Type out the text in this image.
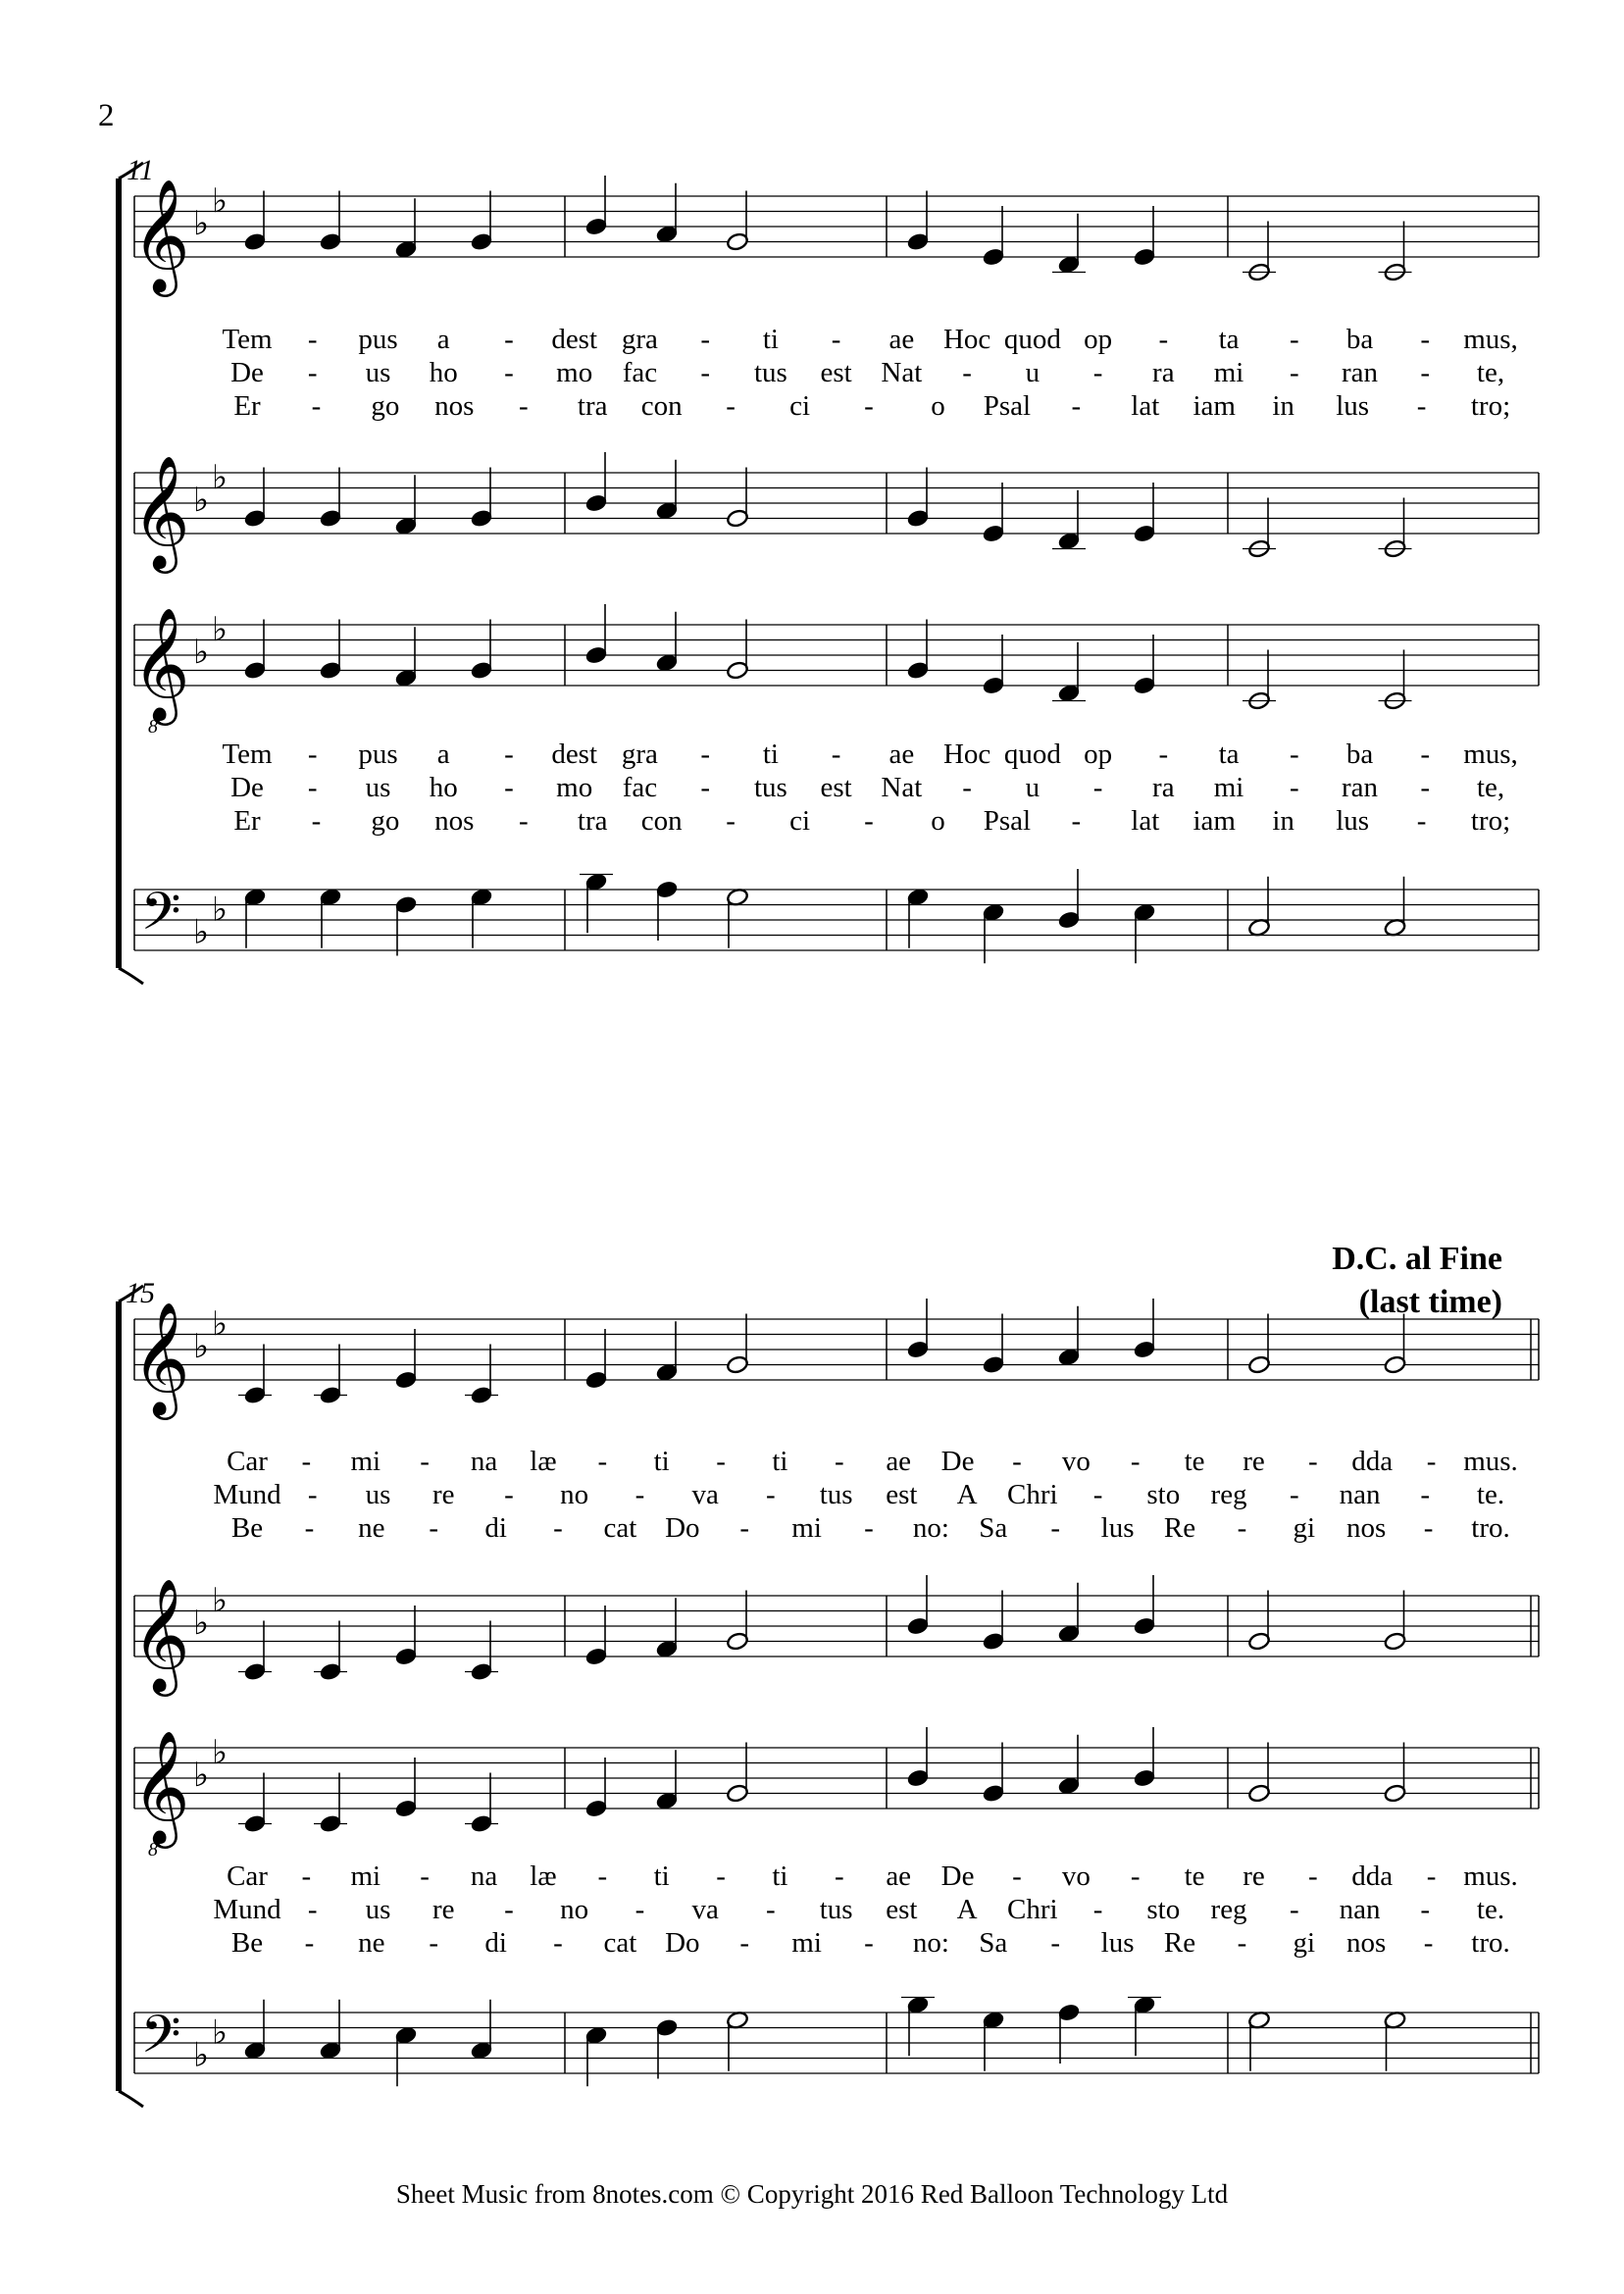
2
11
𝄞 ♭
♭
𝄞 ♭
♭
𝄞
8
♭
♭
𝄢 ♭
♭
Tem - pus a - dest gra - ti - ae Hoc quod op - ta - ba - mus,
De - us ho - mo fac - tus est Nat - u - ra mi - ran - te,
Er - go nos - tra con - ci - o Psal - lat iam in lus - tro;
Tem - pus a - dest gra - ti - ae Hoc quod op - ta - ba - mus,
De - us ho - mo fac - tus est Nat - u - ra mi - ran - te,
Er - go nos - tra con - ci - o Psal - lat iam in lus - tro;
15
𝄞 ♭
♭
𝄞 ♭
♭
𝄞
8
♭
♭
𝄢 ♭
♭
Car - mi - na læ - ti - ti - ae De - vo - te re - dda - mus.
Mund - us re - no - va - tus est A Chri - sto reg - nan - te.
Be - ne - di - cat Do - mi - no: Sa - lus Re - gi nos - tro.
Car - mi - na læ - ti - ti - ae De - vo - te re - dda - mus.
Mund - us re - no - va - tus est A Chri - sto reg - nan - te.
Be - ne - di - cat Do - mi - no: Sa - lus Re - gi nos - tro.
D.C. al Fine
(last time)
Sheet Music from 8notes.com © Copyright 2016 Red Balloon Technology Ltd
